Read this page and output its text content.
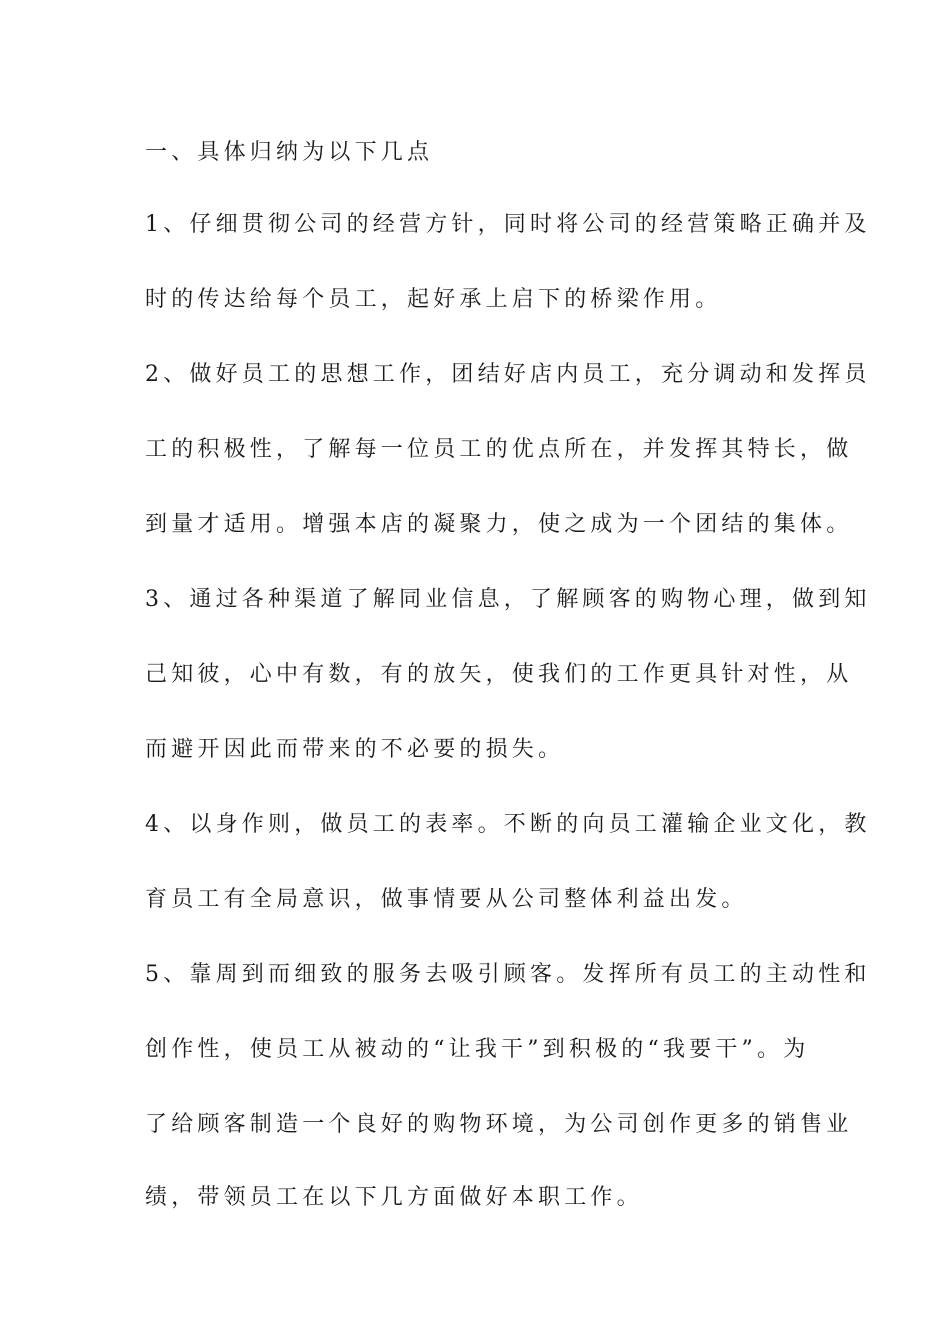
一、具体归纳为以下几点

1、仔细贯彻公司的经营方针，同时将公司的经营策略正确并及

时的传达给每个员工，起好承上启下的桥梁作用。

2、做好员工的思想工作，团结好店内员工，充分调动和发挥员

工的积极性，了解每一位员工的优点所在，并发挥其特长，做

到量才适用。增强本店的凝聚力，使之成为一个团结的集体。

3、通过各种渠道了解同业信息，了解顾客的购物心理，做到知

己知彼，心中有数，有的放矢，使我们的工作更具针对性，从

而避开因此而带来的不必要的损失。

4、以身作则，做员工的表率。不断的向员工灌输企业文化，教

育员工有全局意识，做事情要从公司整体利益出发。

5、靠周到而细致的服务去吸引顾客。发挥所有员工的主动性和

创作性，使员工从被动的“让我干”到积极的“我要干”。为

了给顾客制造一个良好的购物环境，为公司创作更多的销售业

绩，带领员工在以下几方面做好本职工作。
